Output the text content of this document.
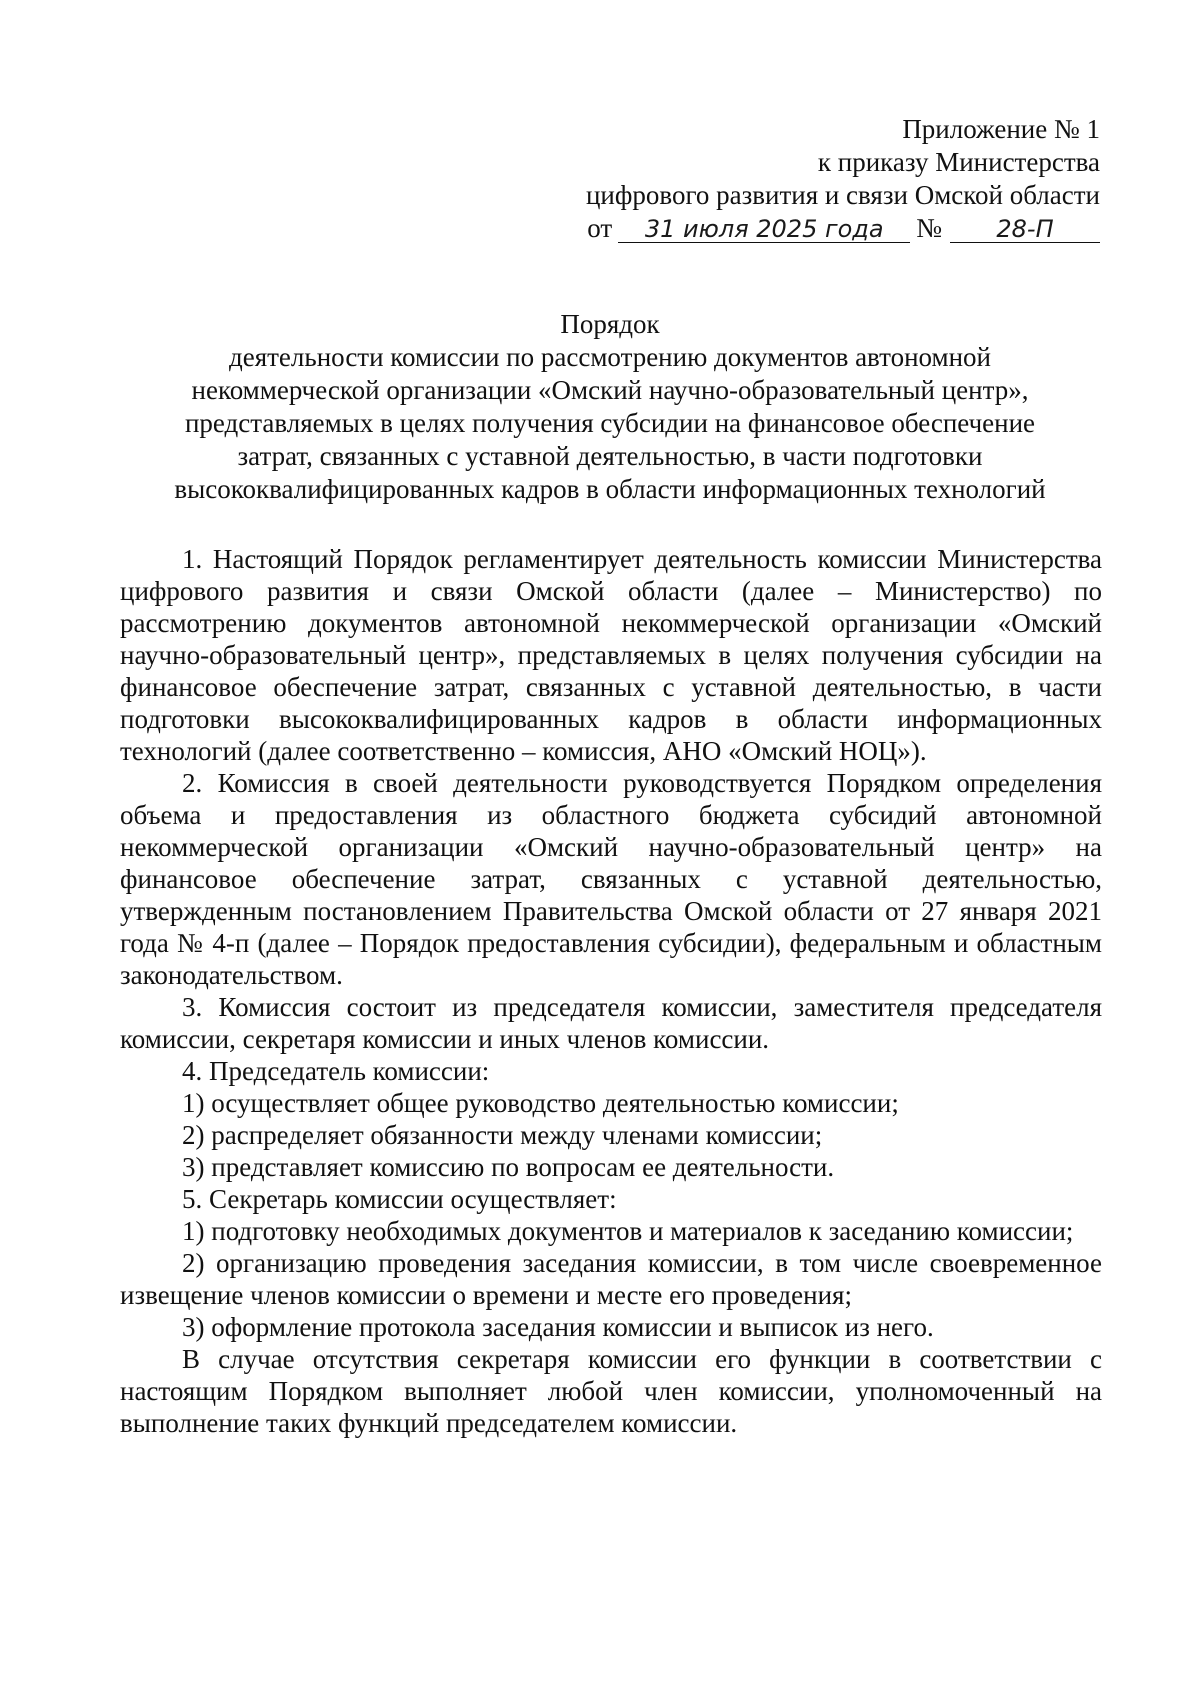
Приложение № 1
к приказу Министерства
цифрового развития и связи Омской области
от	31 июля 2025 года	№	28-П
Порядок
деятельности комиссии по рассмотрению документов автономной
некоммерческой организации «Омский научно-образовательный центр»,
представляемых в целях получения субсидии на финансовое обеспечение
затрат, связанных с уставной деятельностью, в части подготовки
высококвалифицированных кадров в области информационных технологий

1. Настоящий Порядок регламентирует деятельность комиссии Министерства цифрового развития и связи Омской области (далее – Министерство) по рассмотрению документов автономной некоммерческой организации «Омский научно-образовательный центр», представляемых в целях получения субсидии на финансовое обеспечение затрат, связанных с уставной деятельностью, в части подготовки высококвалифицированных кадров в области информационных технологий (далее соответственно – комиссия, АНО «Омский НОЦ»).

2. Комиссия в своей деятельности руководствуется Порядком определения объема и предоставления из областного бюджета субсидий автономной некоммерческой организации «Омский научно-образовательный центр» на финансовое обеспечение затрат, связанных с уставной деятельностью, утвержденным постановлением Правительства Омской области от 27 января 2021 года № 4-п (далее – Порядок предоставления субсидии), федеральным и областным законодательством.

3. Комиссия состоит из председателя комиссии, заместителя председателя комиссии, секретаря комиссии и иных членов комиссии.

4. Председатель комиссии:

1) осуществляет общее руководство деятельностью комиссии;

2) распределяет обязанности между членами комиссии;

3) представляет комиссию по вопросам ее деятельности.

5. Секретарь комиссии осуществляет:

1) подготовку необходимых документов и материалов к заседанию комиссии;

2) организацию проведения заседания комиссии, в том числе своевременное извещение членов комиссии о времени и месте его проведения;

3) оформление протокола заседания комиссии и выписок из него.

В случае отсутствия секретаря комиссии его функции в соответствии с настоящим Порядком выполняет любой член комиссии, уполномоченный на выполнение таких функций председателем комиссии.
